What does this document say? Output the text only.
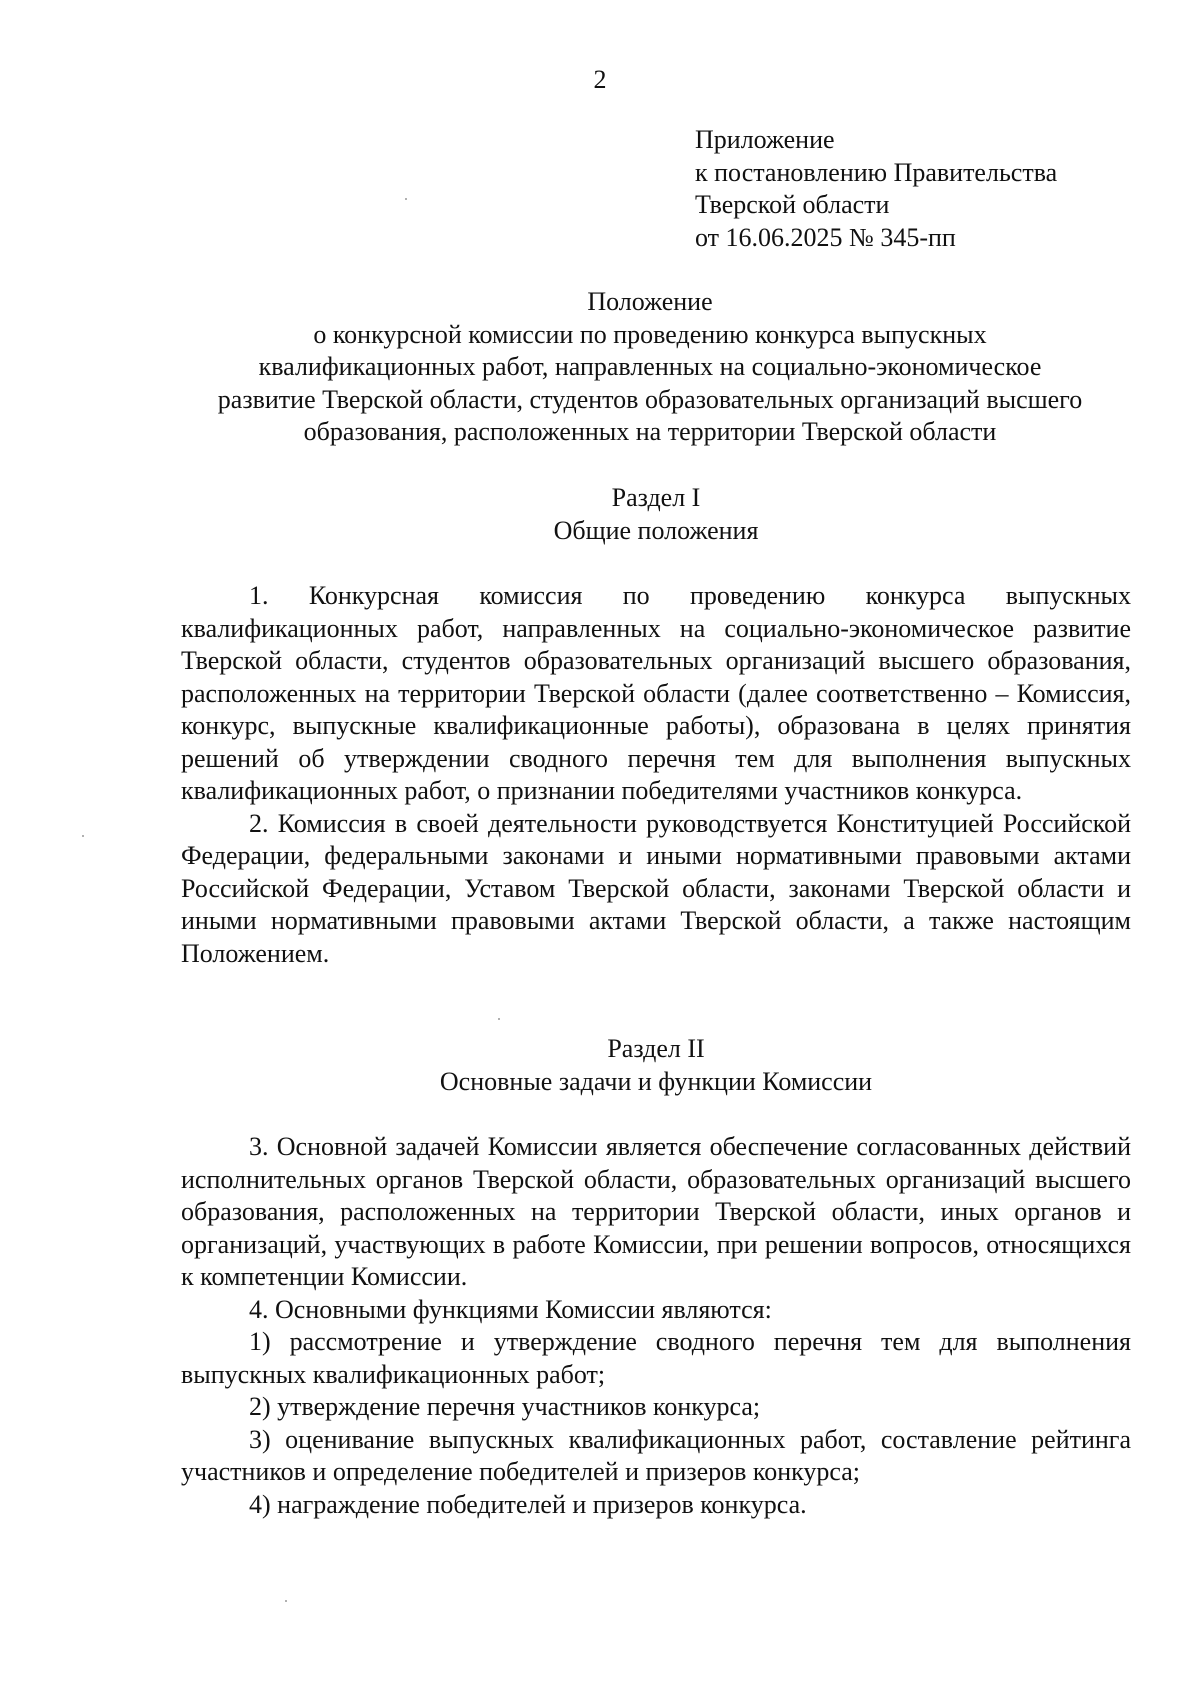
2
Приложение
к постановлению Правительства
Тверской области
от 16.06.2025 № 345-пп
Положение
о конкурсной комиссии по проведению конкурса выпускных
квалификационных работ, направленных на социально-экономическое
развитие Тверской области, студентов образовательных организаций высшего
образования, расположенных на территории Тверской области
Раздел I
Общие положения

1. Конкурсная комиссия по проведению конкурса выпускных квалификационных работ, направленных на социально-экономическое развитие Тверской области, студентов образовательных организаций высшего образования, расположенных на территории Тверской области (далее соответственно – Комиссия, конкурс, выпускные квалификационные работы), образована в целях принятия решений об утверждении сводного перечня тем для выполнения выпускных квалификационных работ, о признании победителями участников конкурса.

2. Комиссия в своей деятельности руководствуется Конституцией Российской Федерации, федеральными законами и иными нормативными правовыми актами Российской Федерации, Уставом Тверской области, законами Тверской области и иными нормативными правовыми актами Тверской области, а также настоящим Положением.

Раздел II
Основные задачи и функции Комиссии

3. Основной задачей Комиссии является обеспечение согласованных действий исполнительных органов Тверской области, образовательных организаций высшего образования, расположенных на территории Тверской области, иных органов и организаций, участвующих в работе Комиссии, при решении вопросов, относящихся к компетенции Комиссии.

4. Основными функциями Комиссии являются:

1) рассмотрение и утверждение сводного перечня тем для выполнения выпускных квалификационных работ;

2) утверждение перечня участников конкурса;

3) оценивание выпускных квалификационных работ, составление рейтинга участников и определение победителей и призеров конкурса;

4) награждение победителей и призеров конкурса.
